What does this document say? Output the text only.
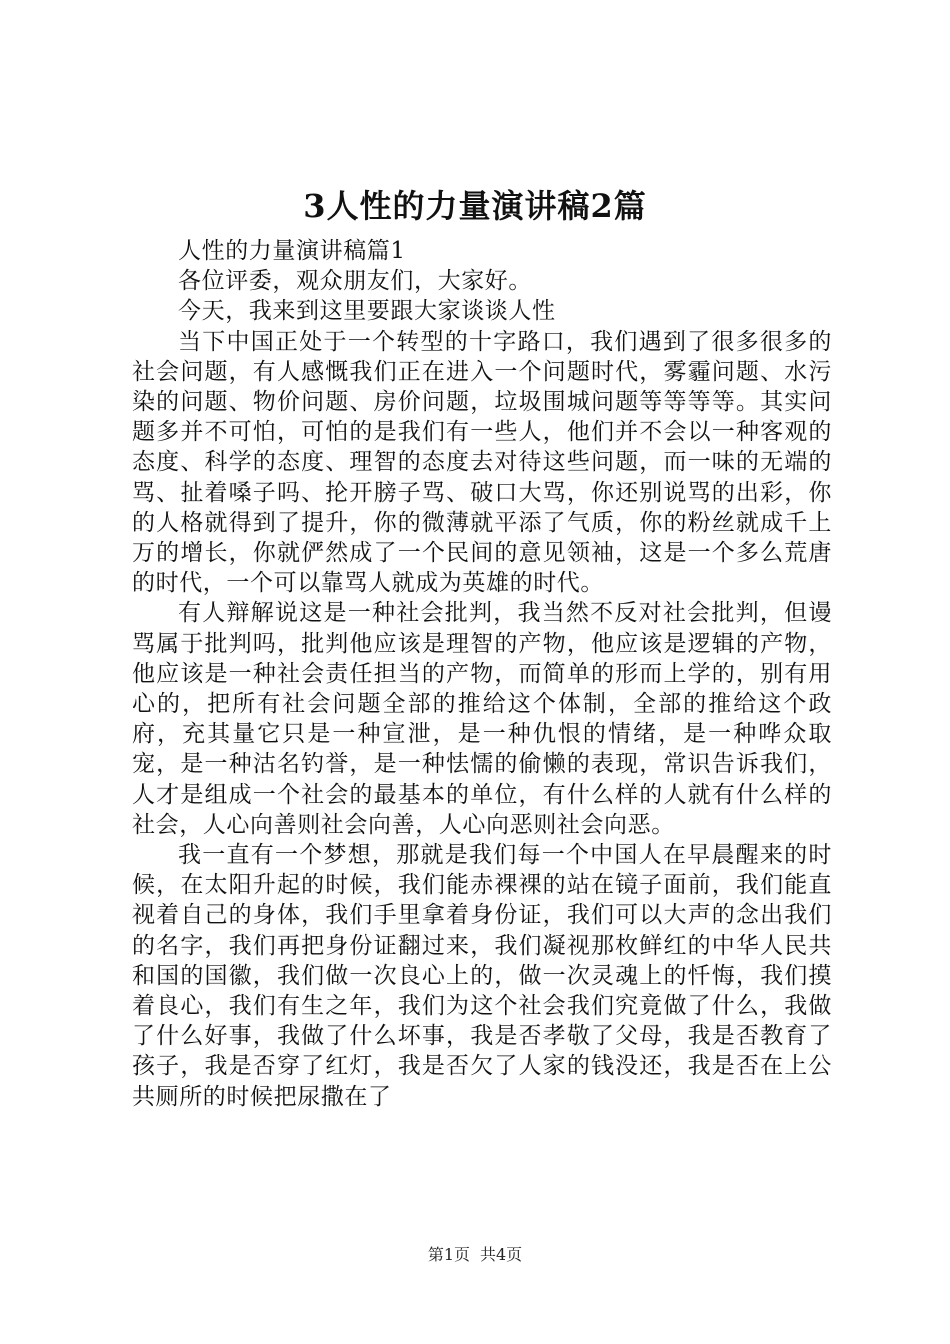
3人性的力量演讲稿2篇

人性的力量演讲稿篇1

各位评委，观众朋友们，大家好。

今天，我来到这里要跟大家谈谈人性

当下中国正处于一个转型的十字路口，我们遇到了很多很多的社会问题，有人感慨我们正在进入一个问题时代，雾霾问题、水污染的问题、物价问题、房价问题，垃圾围城问题等等等等。其实问题多并不可怕，可怕的是我们有一些人，他们并不会以一种客观的态度、科学的态度、理智的态度去对待这些问题，而一味的无端的骂、扯着嗓子吗、抡开膀子骂、破口大骂，你还别说骂的出彩，你的人格就得到了提升，你的微薄就平添了气质，你的粉丝就成千上万的增长，你就俨然成了一个民间的意见领袖，这是一个多么荒唐的时代，一个可以靠骂人就成为英雄的时代。

有人辩解说这是一种社会批判，我当然不反对社会批判，但谩骂属于批判吗，批判他应该是理智的产物，他应该是逻辑的产物，他应该是一种社会责任担当的产物，而简单的形而上学的，别有用心的，把所有社会问题全部的推给这个体制，全部的推给这个政府，充其量它只是一种宣泄，是一种仇恨的情绪，是一种哗众取宠，是一种沽名钓誉，是一种怯懦的偷懒的表现，常识告诉我们，人才是组成一个社会的最基本的单位，有什么样的人就有什么样的社会，人心向善则社会向善，人心向恶则社会向恶。

我一直有一个梦想，那就是我们每一个中国人在早晨醒来的时候，在太阳升起的时候，我们能赤裸裸的站在镜子面前，我们能直视着自己的身体，我们手里拿着身份证，我们可以大声的念出我们的名字，我们再把身份证翻过来，我们凝视那枚鲜红的中华人民共和国的国徽，我们做一次良心上的，做一次灵魂上的忏悔，我们摸着良心，我们有生之年，我们为这个社会我们究竟做了什么，我做了什么好事，我做了什么坏事，我是否孝敬了父母，我是否教育了孩子，我是否穿了红灯，我是否欠了人家的钱没还，我是否在上公共厕所的时候把尿撒在了

第1页 共4页
